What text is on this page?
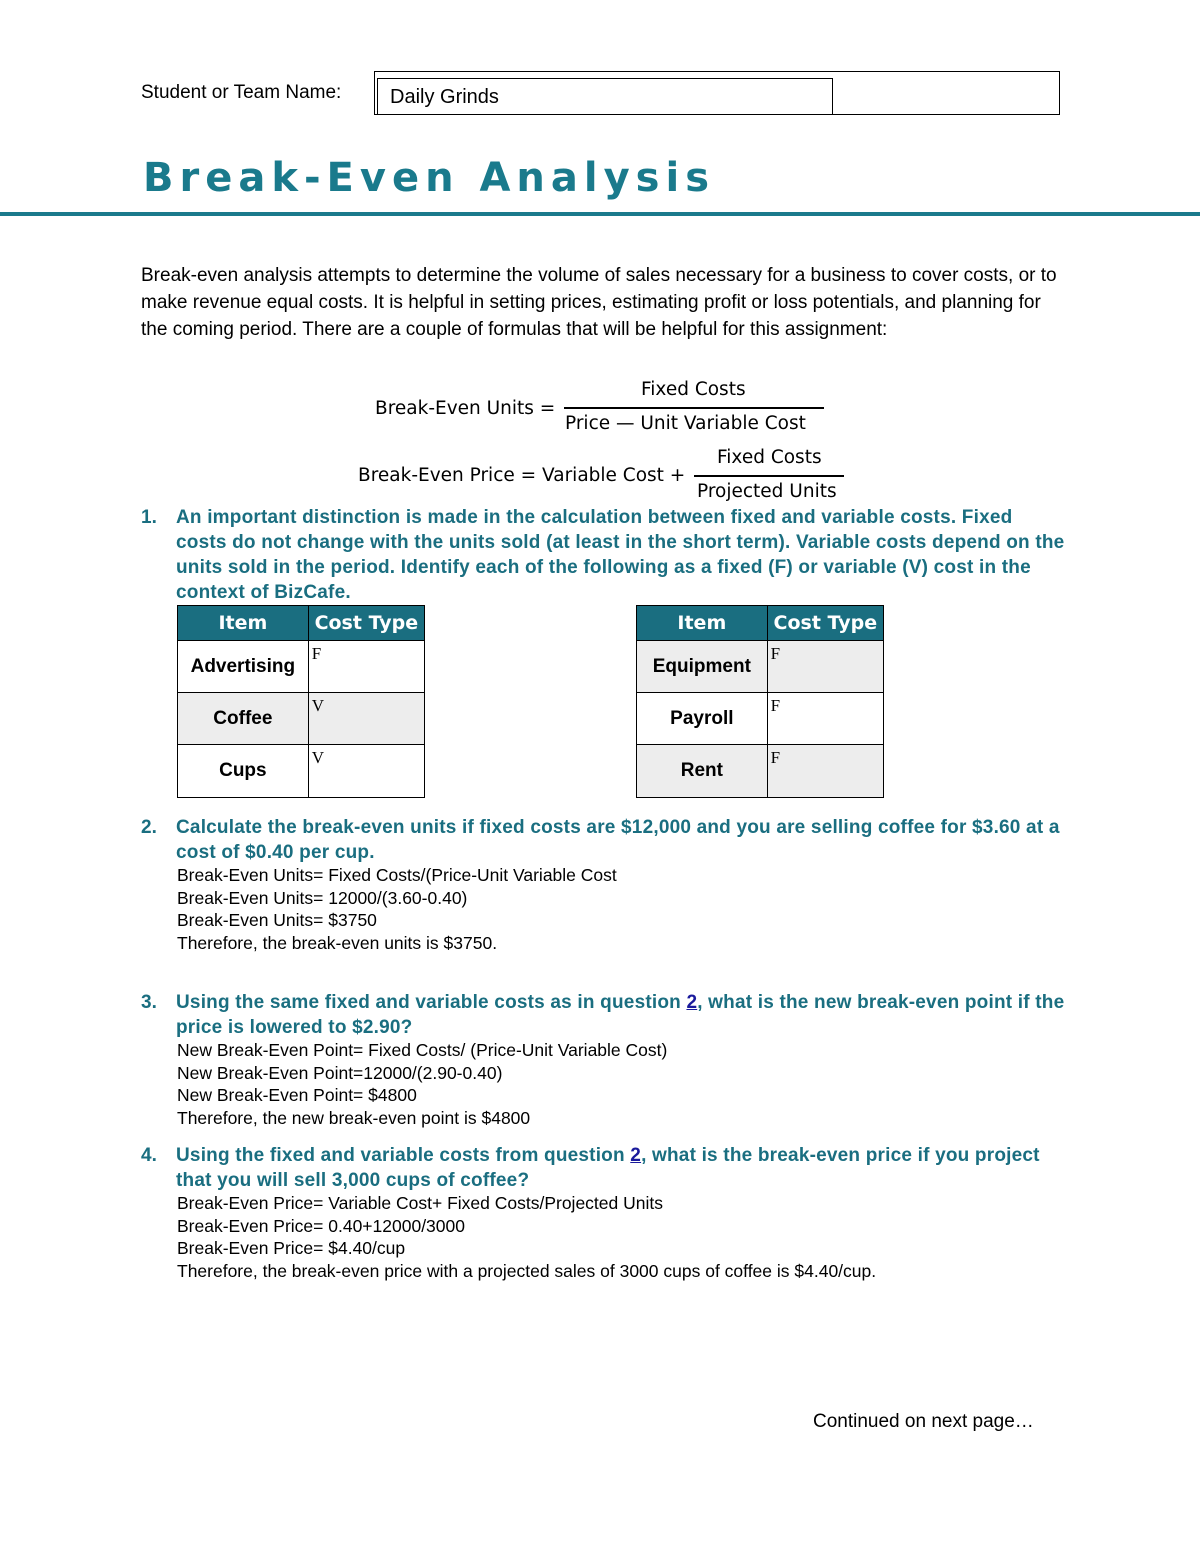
Student or Team Name:	Daily Grinds
Break-Even Analysis
Break-even analysis attempts to determine the volume of sales necessary for a business to cover costs, or to make revenue equal costs. It is helpful in setting prices, estimating profit or loss potentials, and planning for the coming period. There are a couple of formulas that will be helpful for this assignment:
Break-Even Units =
Fixed Costs
Price — Unit Variable Cost
Break-Even Price = Variable Cost +
Fixed Costs
Projected Units
1. An important distinction is made in the calculation between fixed and variable costs. Fixed costs do not change with the units sold (at least in the short term). Variable costs depend on the units sold in the period. Identify each of the following as a fixed (F) or variable (V) cost in the context of BizCafe.
Item	Cost Type
Advertising	F
Coffee	V
Cups	V
Item	Cost Type
Equipment	F
Payroll	F
Rent	F
2. Calculate the break-even units if fixed costs are $12,000 and you are selling coffee for $3.60 at a cost of $0.40 per cup.
Break-Even Units= Fixed Costs/(Price-Unit Variable Cost
Break-Even Units= 12000/(3.60-0.40)
Break-Even Units= $3750
Therefore, the break-even units is $3750.
3. Using the same fixed and variable costs as in question 2, what is the new break-even point if the price is lowered to $2.90?
New Break-Even Point= Fixed Costs/ (Price-Unit Variable Cost)
New Break-Even Point=12000/(2.90-0.40)
New Break-Even Point= $4800
Therefore, the new break-even point is $4800
4. Using the fixed and variable costs from question 2, what is the break-even price if you project that you will sell 3,000 cups of coffee?
Break-Even Price= Variable Cost+ Fixed Costs/Projected Units
Break-Even Price= 0.40+12000/3000
Break-Even Price= $4.40/cup
Therefore, the break-even price with a projected sales of 3000 cups of coffee is $4.40/cup.
Continued on next page…
